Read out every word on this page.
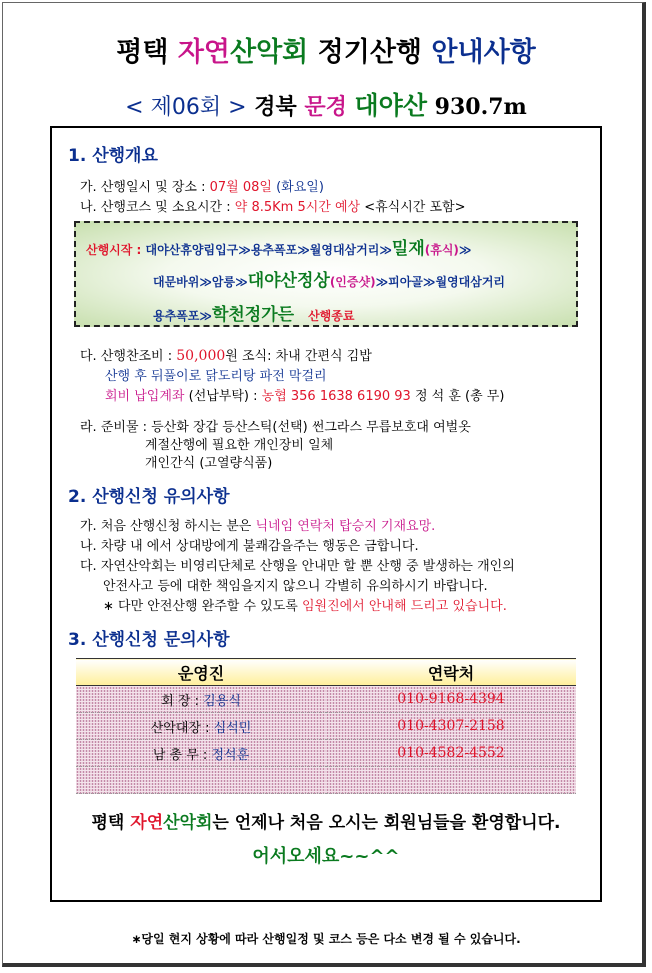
평택 자연산악회 정기산행 안내사항
< 제06회 > 경북 문경 대야산 930.7m
1. 산행개요
가. 산행일시 및 장소 : 07월 08일 (화요일)
나. 산행코스 및 소요시간 : 약 8.5Km 5시간 예상 <휴식시간 포함>
산행시작 : 대야산휴양림입구≫용추폭포≫월영대삼거리≫밀재(휴식)≫
대문바위≫암릉≫대야산정상(인증샷)≫피아골≫월영대삼거리
용추폭포≫학천정가든 산행종료
다. 산행찬조비 : 50,000원 조식: 차내 간편식 김밥
산행 후 뒤풀이로 닭도리탕 파전 막걸리
회비 납입계좌 (선납부탁) : 농협 356 1638 6190 93 정 석 훈 (총 무)
라. 준비물 : 등산화 장갑 등산스틱(선택) 썬그라스 무릅보호대 여벌옷
계절산행에 필요한 개인장비 일체
개인간식 (고열량식품)
2. 산행신청 유의사항
가. 처음 산행신청 하시는 분은 닉네임 연락처 탑승지 기재요망.
나. 차량 내 에서 상대방에게 불쾌감을주는 행동은 금합니다.
다. 자연산악회는 비영리단체로 산행을 안내만 할 뿐 산행 중 발생하는 개인의
안전사고 등에 대한 책임을지지 않으니 각별히 유의하시기 바랍니다.
∗ 다만 안전산행 완주할 수 있도록 임원진에서 안내해 드리고 있습니다.
3. 산행신청 문의사항
운영진	연락처
회 장 : 김용식	010-9168-4394
산악대장 : 심석민	010-4307-2158
남 총 무 : 정석훈	010-4582-4552

평택 자연산악회는 언제나 처음 오시는 회원님들을 환영합니다.
어서오세요~~^^
∗당일 현지 상황에 따라 산행일정 및 코스 등은 다소 변경 될 수 있습니다.
